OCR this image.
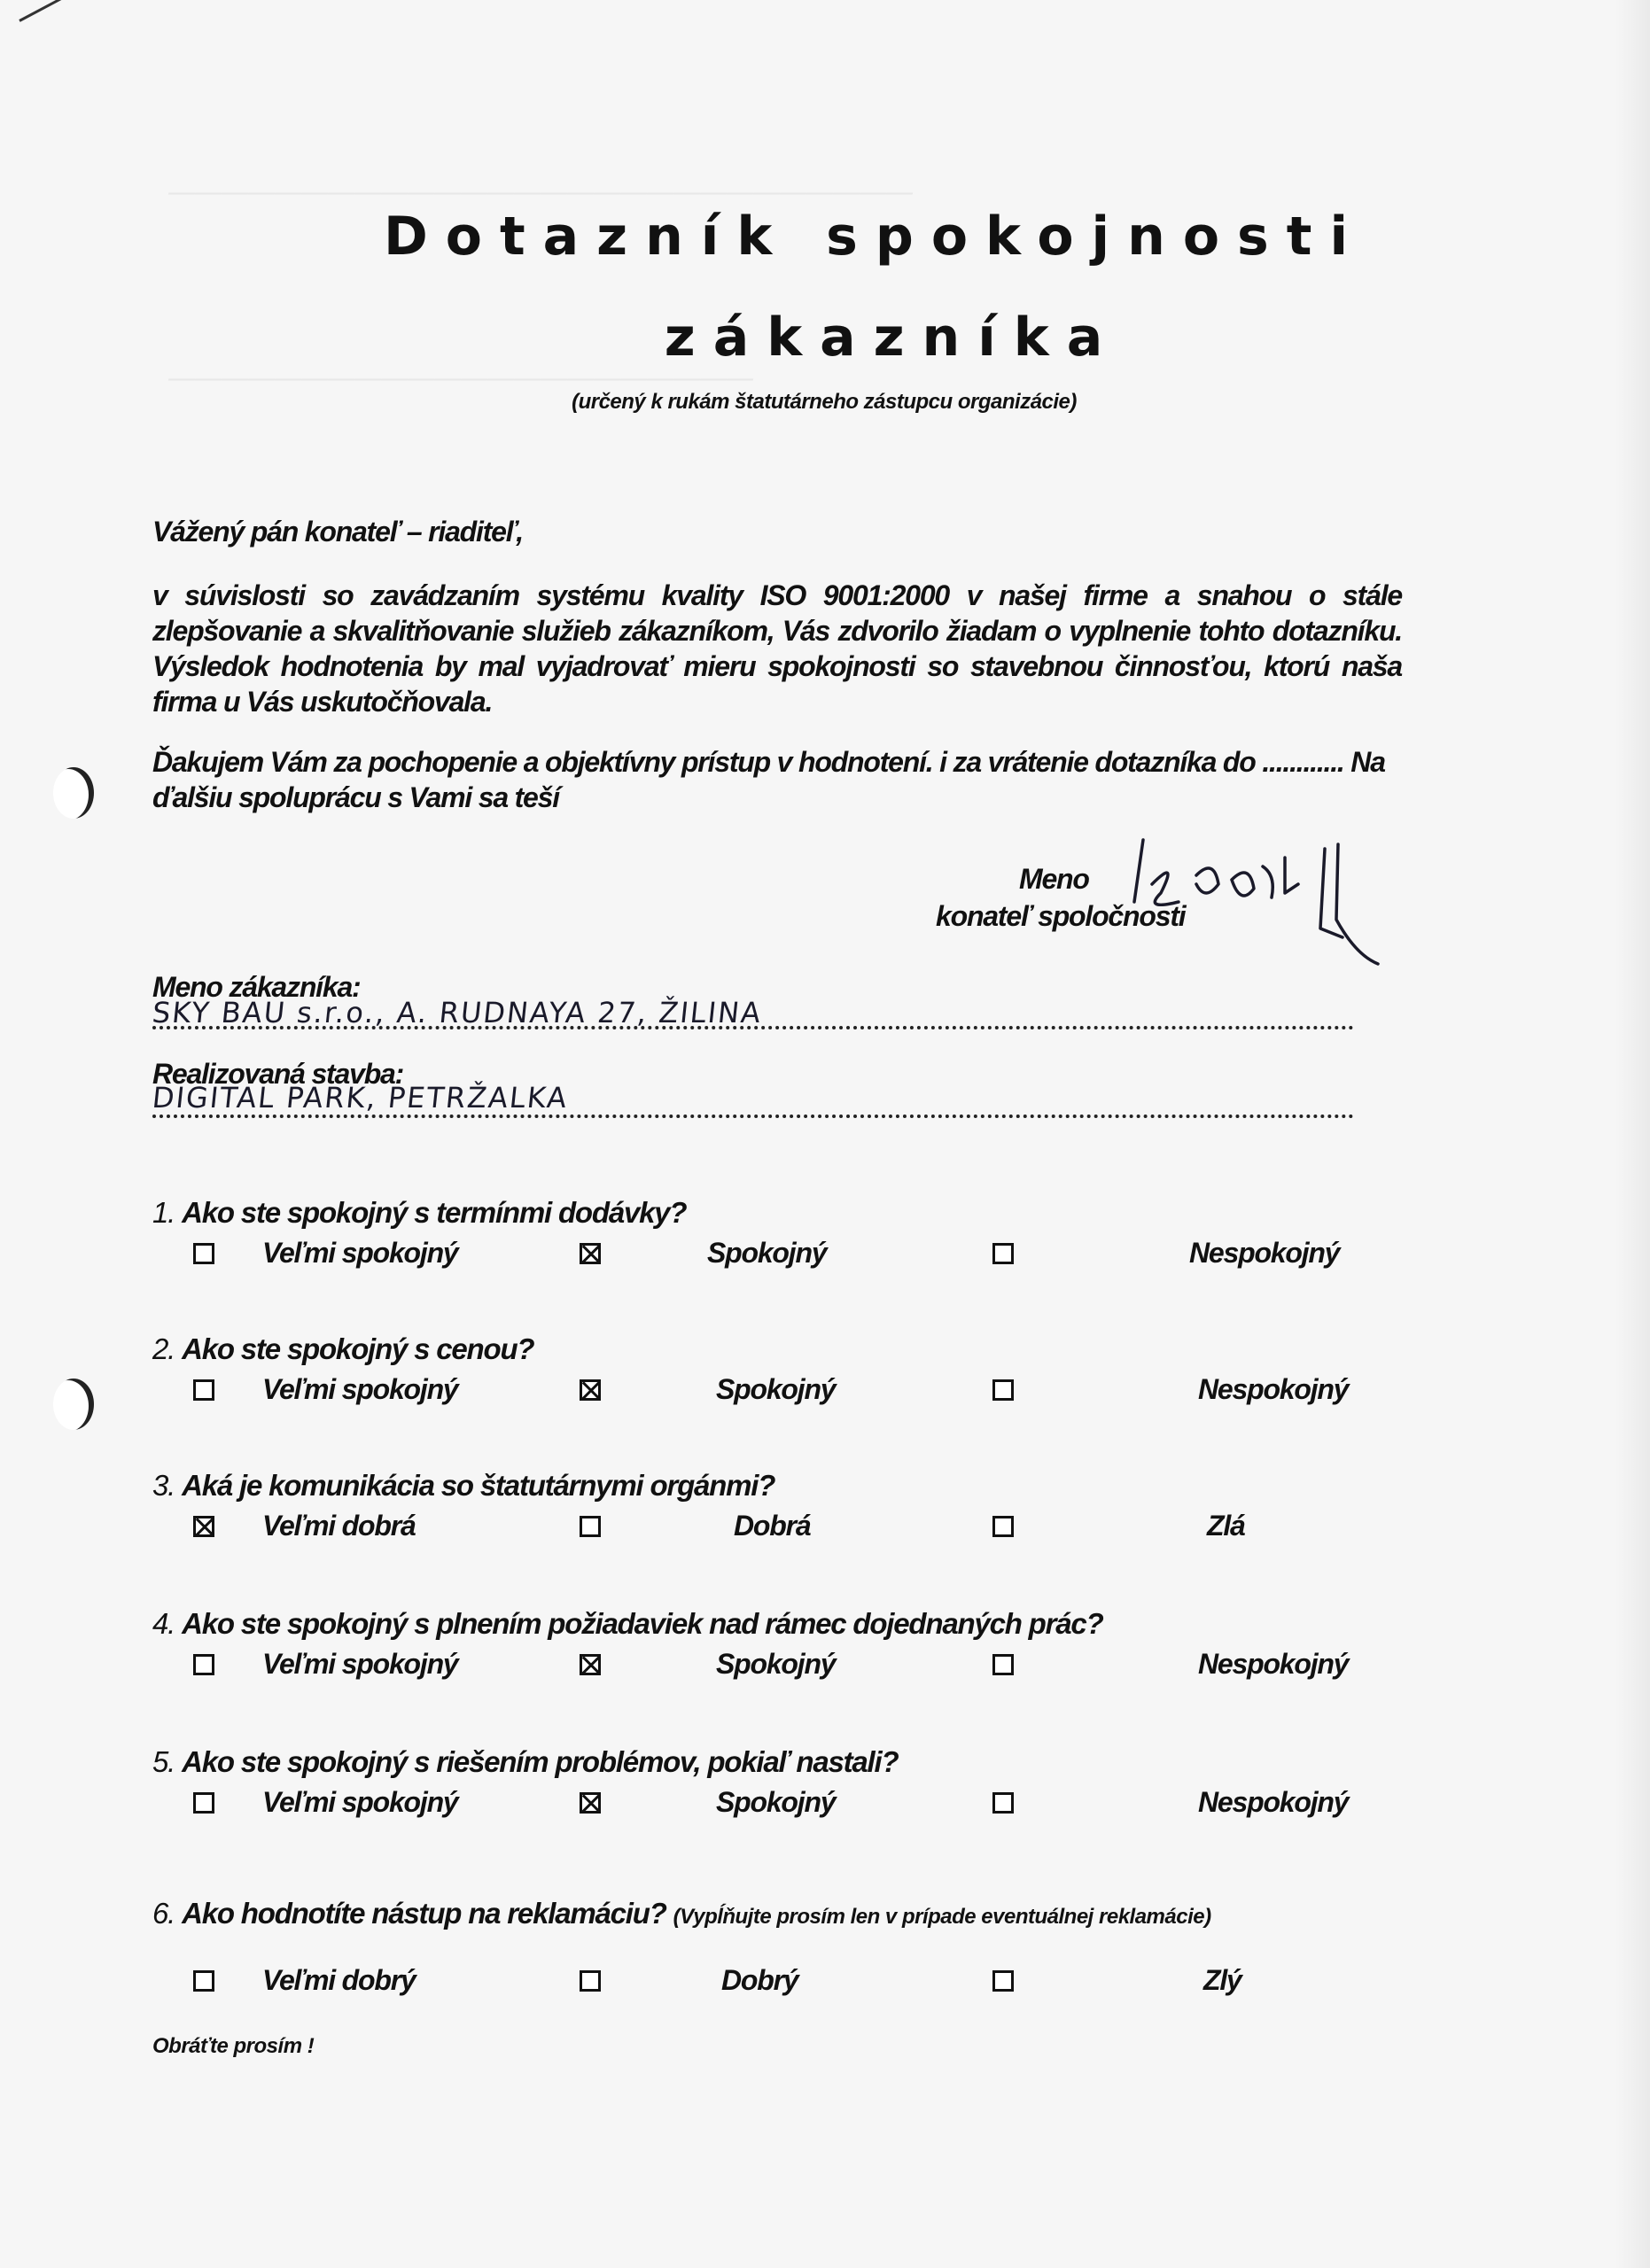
————————————————————————————
——————————————————————
Dotazník spokojnosti
zákazníka
(určený k rukám štatutárneho zástupcu organizácie)
Vážený pán konateľ – riaditeľ,
v súvislosti so zavádzaním systému kvality ISO 9001:2000 v našej firme a snahou o stále zlepšovanie a skvalitňovanie služieb zákazníkom, Vás zdvorilo žiadam o vyplnenie tohto dotazníku. Výsledok hodnotenia by mal vyjadrovať mieru spokojnosti so stavebnou činnosťou, ktorú naša firma u Vás uskutočňovala.
Ďakujem Vám za pochopenie a objektívny prístup v hodnotení. i za vrátenie dotazníka do ............ Na ďalšiu spoluprácu s Vami sa teší
Meno
konateľ spoločnosti
Meno zákazníka:
SKY BAU s.r.o., A. RUDNAYA 27, ŽILINA
Realizovaná stavba:
DIGITAL PARK, PETRŽALKA
1. Ako ste spokojný s termínmi dodávky?
Veľmi spokojný	Spokojný	Nespokojný
2. Ako ste spokojný s cenou?
Veľmi spokojný	Spokojný	Nespokojný
3. Aká je komunikácia so štatutárnymi orgánmi?
Veľmi dobrá	Dobrá	Zlá
4. Ako ste spokojný s plnením požiadaviek nad rámec dojednaných prác?
Veľmi spokojný	Spokojný	Nespokojný
5. Ako ste spokojný s riešením problémov, pokiaľ nastali?
Veľmi spokojný	Spokojný	Nespokojný
6. Ako hodnotíte nástup na reklamáciu? (Vypĺňujte prosím len v prípade eventuálnej reklamácie)
Veľmi dobrý	Dobrý	Zlý
Obráťte prosím !
